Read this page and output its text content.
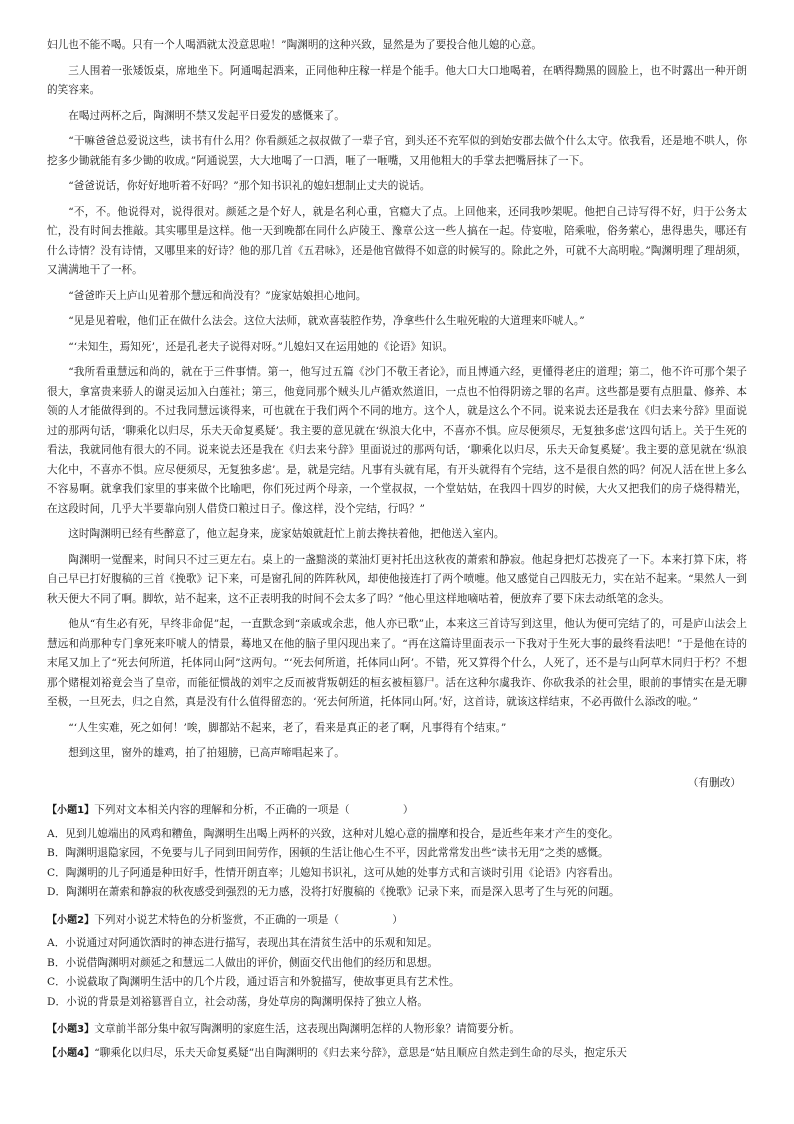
妇儿也不能不喝。只有一个人喝酒就太没意思啦！”陶渊明的这种兴致，显然是为了要投合他儿媳的心意。

三人围着一张矮饭桌，席地坐下。阿通喝起酒来，正同他种庄稼一样是个能手。他大口大口地喝着，在晒得黝黑的圆脸上，也不时露出一种开朗的笑容来。

在喝过两杯之后，陶渊明不禁又发起平日爱发的感慨来了。

“干嘛爸爸总爱说这些，读书有什么用？你看颜延之叔叔做了一辈子官，到头还不充军似的到始安郡去做个什么太守。依我看，还是地不哄人，你挖多少锄就能有多少锄的收成。”阿通说罢，大大地喝了一口酒，咂了一咂嘴，又用他粗大的手掌去把嘴唇抹了一下。

“爸爸说话，你好好地听着不好吗？”那个知书识礼的媳妇想制止丈夫的说话。

“不，不。他说得对，说得很对。颜延之是个好人，就是名利心重，官瘾大了点。上回他来，还同我吵架呢。他把自己诗写得不好，归于公务太忙，没有时间去推敲。其实哪里是这样。他一天到晚都在同什么庐陵王、豫章公这一些人搞在一起。侍宴啦，陪乘啦，俗务萦心，患得患失，哪还有什么诗情？没有诗情，又哪里来的好诗？他的那几首《五君咏》，还是他官做得不如意的时候写的。除此之外，可就不大高明啦。”陶渊明理了理胡须，又满满地干了一杯。

“爸爸昨天上庐山见着那个慧远和尚没有？”庞家姑娘担心地问。

“见是见着啦，他们正在做什么法会。这位大法师，就欢喜装腔作势，净拿些什么生啦死啦的大道理来吓唬人。”

“‘未知生，焉知死’，还是孔老夫子说得对呀。”儿媳妇又在运用她的《论语》知识。

“我所看重慧远和尚的，就在于三件事情。第一，他写过五篇《沙门不敬王者论》，而且博通六经，更懂得老庄的道理；第二，他不许可那个架子很大，拿富贵来骄人的谢灵运加入白莲社；第三，他竟同那个贼头儿卢循欢然道旧，一点也不怕得阴谤之罪的名声。这些都是要有点胆量、修养、本领的人才能做得到的。不过我同慧远谈得来，可也就在于我们两个不同的地方。这个人，就是这么个不同。说来说去还是我在《归去来兮辞》里面说过的那两句话，‘聊乘化以归尽，乐夫天命复奚疑’。我主要的意见就在‘纵浪大化中，不喜亦不惧。应尽便须尽，无复独多虑’这四句话上。关于生死的看法，我就同他有很大的不同。说来说去还是我在《归去来兮辞》里面说过的那两句话，‘聊乘化以归尽，乐夫天命复奚疑’。我主要的意见就在‘纵浪大化中，不喜亦不惧。应尽便须尽，无复独多虑’。是，就是完结。凡事有头就有尾，有开头就得有个完结，这不是很自然的吗？何况人活在世上多么不容易啊。就拿我们家里的事来做个比喻吧，你们死过两个母亲，一个堂叔叔，一个堂姑姑，在我四十四岁的时候，大火又把我们的房子烧得精光，在这段时间，几乎大半要靠向别人借贷口粮过日子。像这样，没个完结，行吗？”

这时陶渊明已经有些醉意了，他立起身来，庞家姑娘就赶忙上前去搀扶着他，把他送入室内。

陶渊明一觉醒来，时间只不过三更左右。桌上的一盏黯淡的菜油灯更衬托出这秋夜的萧索和静寂。他起身把灯芯拨亮了一下。本来打算下床，将自己早已打好腹稿的三首《挽歌》记下来，可是窗孔间的阵阵秋风，却使他接连打了两个喷嚏。他又感觉自己四肢无力，实在站不起来。“果然人一到秋天便大不同了啊。脚软，站不起来，这不正表明我的时间不会太多了吗？”他心里这样地嘀咕着，便放弃了要下床去动纸笔的念头。

他从“有生必有死，早终非命促”起，一直默念到“亲戚或余悲，他人亦已歌”止，本来这三首诗写到这里，他认为便可完结了的，可是庐山法会上慧远和尚那种专门拿死来吓唬人的情景，蓦地又在他的脑子里闪现出来了。“再在这篇诗里面表示一下我对于生死大事的最终看法吧！”于是他在诗的末尾又加上了“死去何所道，托体同山阿”这两句。“‘死去何所道，托体同山阿’。不错，死又算得个什么，人死了，还不是与山阿草木同归于朽？不想那个赌棍刘裕竟会当了皇帝，而能征惯战的刘牢之反而被背叛朝廷的桓玄被桓篡尸。活在这种尔虞我诈、你砍我杀的社会里，眼前的事情实在是无聊至极，一旦死去，归之自然，真是没有什么值得留恋的。‘死去何所道，托体同山阿。’好，这首诗，就该这样结束，不必再做什么添改的啦。”

“‘人生实难，死之如何！’唉，脚都站不起来，老了，看来是真正的老了啊，凡事得有个结束。”

想到这里，窗外的雄鸡，拍了拍翅膀，已高声啼唱起来了。

（有删改）

【小题1】下列对文本相关内容的理解和分析，不正确的一项是（　　　　　）

A．见到儿媳端出的风鸡和糟鱼，陶渊明生出喝上两杯的兴致，这种对儿媳心意的揣摩和投合，是近些年来才产生的变化。

B．陶渊明退隐家园，不免要与儿子同到田间劳作，困顿的生活让他心生不平，因此常常发出些“读书无用”之类的感慨。

C．陶渊明的儿子阿通是种田好手，性情开朗直率；儿媳知书识礼，这可从她的处事方式和言谈时引用《论语》内容看出。

D．陶渊明在萧索和静寂的秋夜感受到强烈的无力感，没将打好腹稿的《挽歌》记录下来，而是深入思考了生与死的问题。

【小题2】下列对小说艺术特色的分析鉴赏，不正确的一项是（　　　　　）

A．小说通过对阿通饮酒时的神态进行描写，表现出其在清贫生活中的乐观和知足。

B．小说借陶渊明对颜延之和慧远二人做出的评价，侧面交代出他们的经历和思想。

C．小说截取了陶渊明生活中的几个片段，通过语言和外貌描写，使故事更具有艺术性。

D．小说的背景是刘裕篡晋自立，社会动荡，身处草房的陶渊明保持了独立人格。

【小题3】文章前半部分集中叙写陶渊明的家庭生活，这表现出陶渊明怎样的人物形象？请简要分析。

【小题4】“聊乘化以归尽，乐夫天命复奚疑”出自陶渊明的《归去来兮辞》，意思是“姑且顺应自然走到生命的尽头，抱定乐天
